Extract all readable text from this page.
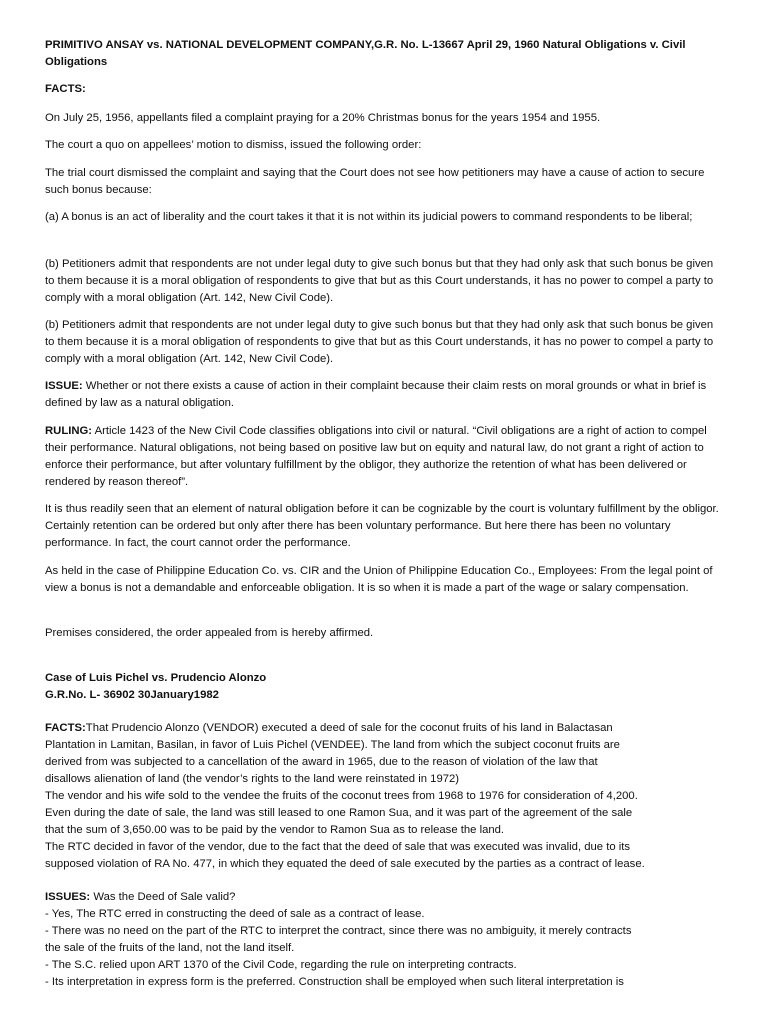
PRIMITIVO ANSAY vs. NATIONAL DEVELOPMENT COMPANY,G.R. No. L-13667 April 29, 1960 Natural Obligations v. Civil Obligations

FACTS:

On July 25, 1956, appellants filed a complaint praying for a 20% Christmas bonus for the years 1954 and 1955.

The court a quo on appellees’ motion to dismiss, issued the following order:

The trial court dismissed the complaint and saying that the Court does not see how petitioners may have a cause of action to secure such bonus because:

(a) A bonus is an act of liberality and the court takes it that it is not within its judicial powers to command respondents to be liberal;

(b) Petitioners admit that respondents are not under legal duty to give such bonus but that they had only ask that such bonus be given to them because it is a moral obligation of respondents to give that but as this Court understands, it has no power to compel a party to comply with a moral obligation (Art. 142, New Civil Code).

(b) Petitioners admit that respondents are not under legal duty to give such bonus but that they had only ask that such bonus be given to them because it is a moral obligation of respondents to give that but as this Court understands, it has no power to compel a party to comply with a moral obligation (Art. 142, New Civil Code).

ISSUE: Whether or not there exists a cause of action in their complaint because their claim rests on moral grounds or what in brief is defined by law as a natural obligation.

RULING: Article 1423 of the New Civil Code classifies obligations into civil or natural. “Civil obligations are a right of action to compel their performance. Natural obligations, not being based on positive law but on equity and natural law, do not grant a right of action to enforce their performance, but after voluntary fulfillment by the obligor, they authorize the retention of what has been delivered or rendered by reason thereof”.

It is thus readily seen that an element of natural obligation before it can be cognizable by the court is voluntary fulfillment by the obligor. Certainly retention can be ordered but only after there has been voluntary performance. But here there has been no voluntary performance. In fact, the court cannot order the performance.

As held in the case of Philippine Education Co. vs. CIR and the Union of Philippine Education Co., Employees: From the legal point of view a bonus is not a demandable and enforceable obligation. It is so when it is made a part of the wage or salary compensation.

Premises considered, the order appealed from is hereby affirmed.

Case of Luis Pichel vs. Prudencio Alonzo
G.R.No. L- 36902 30January1982

FACTS:That Prudencio Alonzo (VENDOR) executed a deed of sale for the coconut fruits of his land in Balactasan
Plantation in Lamitan, Basilan, in favor of Luis Pichel (VENDEE). The land from which the subject coconut fruits are
derived from was subjected to a cancellation of the award in 1965, due to the reason of violation of the law that
disallows alienation of land (the vendor’s rights to the land were reinstated in 1972)
The vendor and his wife sold to the vendee the fruits of the coconut trees from 1968 to 1976 for consideration of 4,200.
Even during the date of sale, the land was still leased to one Ramon Sua, and it was part of the agreement of the sale
that the sum of 3,650.00 was to be paid by the vendor to Ramon Sua as to release the land.
The RTC decided in favor of the vendor, due to the fact that the deed of sale that was executed was invalid, due to its
supposed violation of RA No. 477, in which they equated the deed of sale executed by the parties as a contract of lease.
ISSUES: Was the Deed of Sale valid?
- Yes, The RTC erred in constructing the deed of sale as a contract of lease.
- There was no need on the part of the RTC to interpret the contract, since there was no ambiguity, it merely contracts
the sale of the fruits of the land, not the land itself.
- The S.C. relied upon ART 1370 of the Civil Code, regarding the rule on interpreting contracts.
- Its interpretation in express form is the preferred. Construction shall be employed when such literal interpretation is
